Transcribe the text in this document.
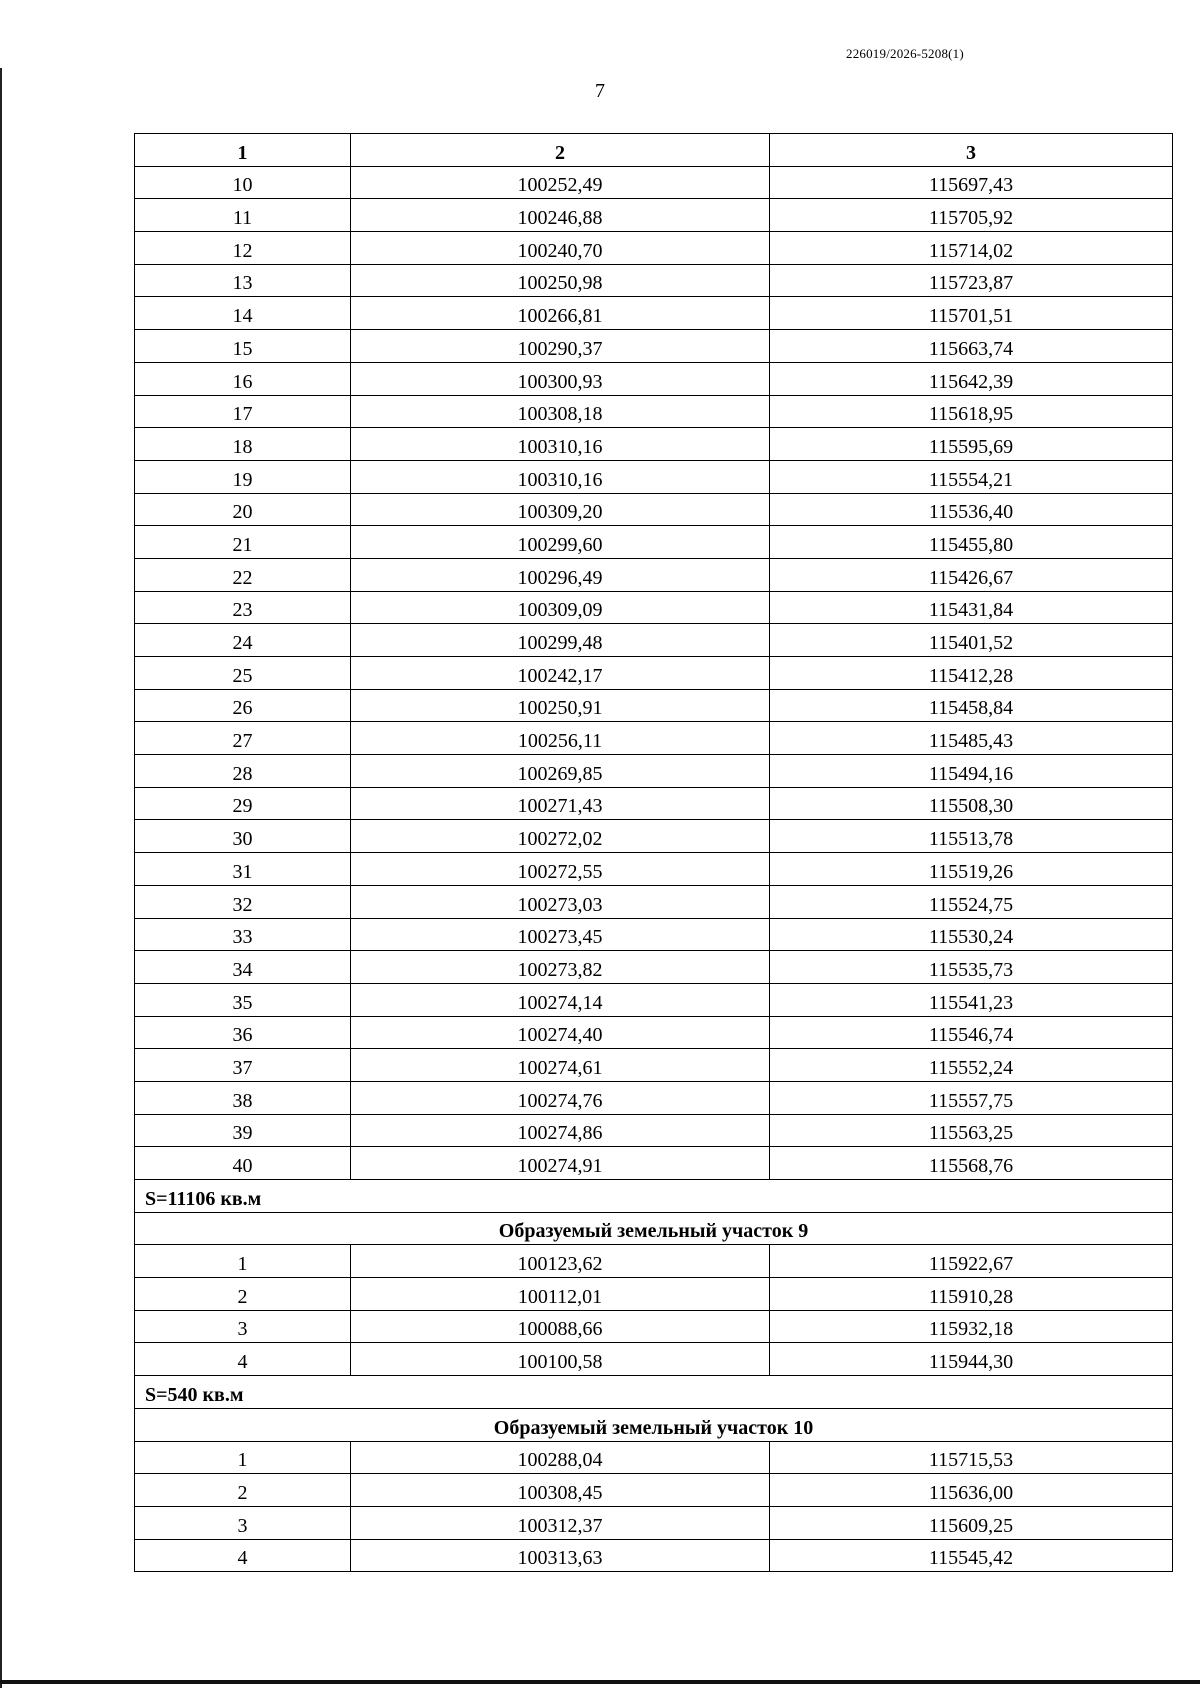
226019/2026-5208(1)
7
1	2	3
10	100252,49	115697,43
11	100246,88	115705,92
12	100240,70	115714,02
13	100250,98	115723,87
14	100266,81	115701,51
15	100290,37	115663,74
16	100300,93	115642,39
17	100308,18	115618,95
18	100310,16	115595,69
19	100310,16	115554,21
20	100309,20	115536,40
21	100299,60	115455,80
22	100296,49	115426,67
23	100309,09	115431,84
24	100299,48	115401,52
25	100242,17	115412,28
26	100250,91	115458,84
27	100256,11	115485,43
28	100269,85	115494,16
29	100271,43	115508,30
30	100272,02	115513,78
31	100272,55	115519,26
32	100273,03	115524,75
33	100273,45	115530,24
34	100273,82	115535,73
35	100274,14	115541,23
36	100274,40	115546,74
37	100274,61	115552,24
38	100274,76	115557,75
39	100274,86	115563,25
40	100274,91	115568,76
S=11106 кв.м		
Образуемый земельный участок 9		
1	100123,62	115922,67
2	100112,01	115910,28
3	100088,66	115932,18
4	100100,58	115944,30
S=540 кв.м		
Образуемый земельный участок 10		
1	100288,04	115715,53
2	100308,45	115636,00
3	100312,37	115609,25
4	100313,63	115545,42
